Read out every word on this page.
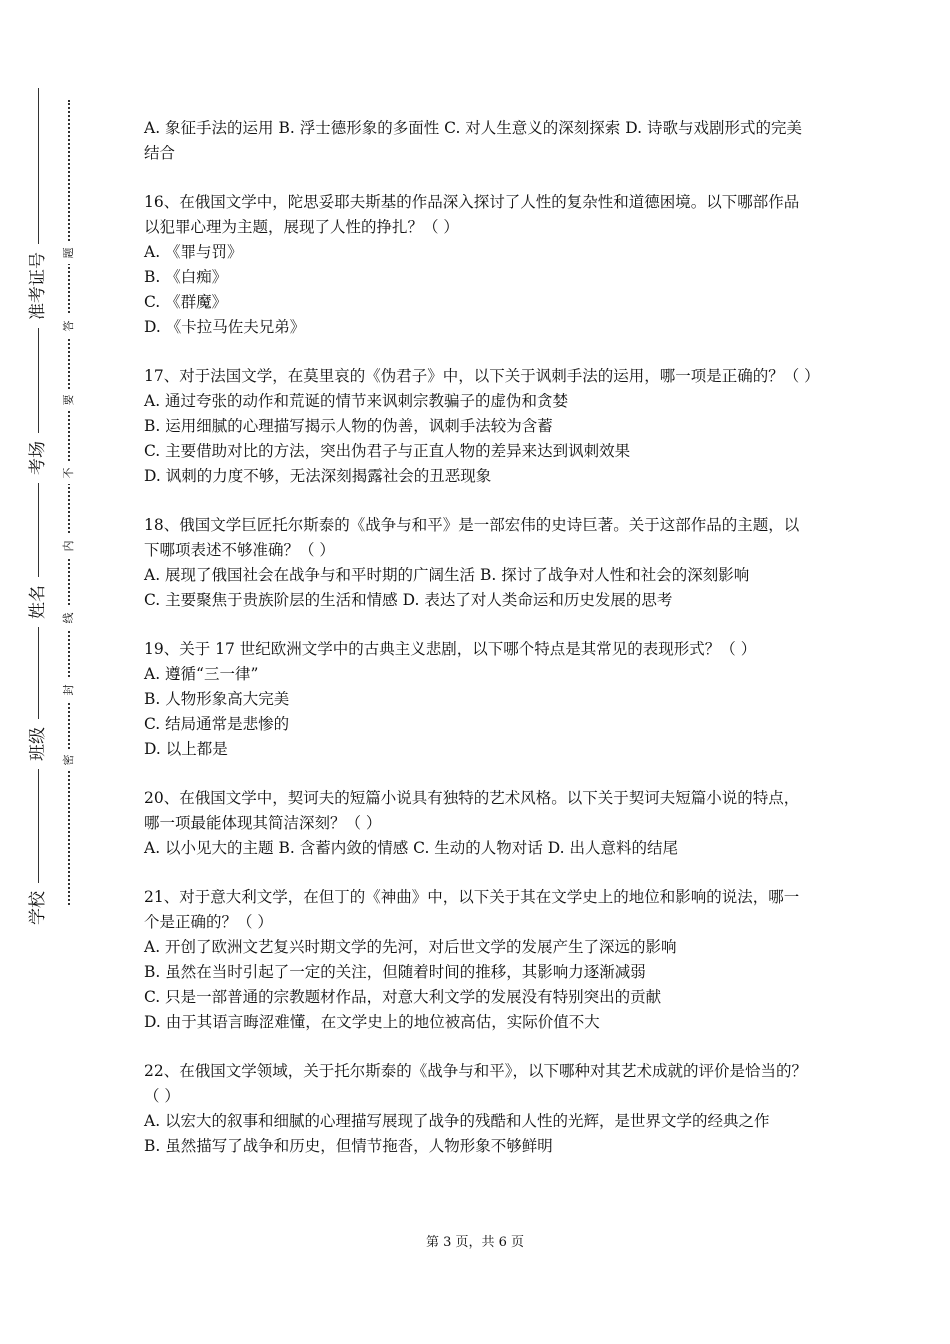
准考证号
考场
姓名
班级
学校
题
答
要
不
内
线
封
密

A. 象征手法的运用 B. 浮士德形象的多面性 C. 对人生意义的深刻探索 D. 诗歌与戏剧形式的完美结合

16、在俄国文学中，陀思妥耶夫斯基的作品深入探讨了人性的复杂性和道德困境。以下哪部作品以犯罪心理为主题，展现了人性的挣扎？（ ）

A. 《罪与罚》

B. 《白痴》

C. 《群魔》

D. 《卡拉马佐夫兄弟》

17、对于法国文学，在莫里哀的《伪君子》中，以下关于讽刺手法的运用，哪一项是正确的？（ ）

A. 通过夸张的动作和荒诞的情节来讽刺宗教骗子的虚伪和贪婪

B. 运用细腻的心理描写揭示人物的伪善，讽刺手法较为含蓄

C. 主要借助对比的方法，突出伪君子与正直人物的差异来达到讽刺效果

D. 讽刺的力度不够，无法深刻揭露社会的丑恶现象

18、俄国文学巨匠托尔斯泰的《战争与和平》是一部宏伟的史诗巨著。关于这部作品的主题，以下哪项表述不够准确？（ ）

A. 展现了俄国社会在战争与和平时期的广阔生活 B. 探讨了战争对人性和社会的深刻影响

C. 主要聚焦于贵族阶层的生活和情感 D. 表达了对人类命运和历史发展的思考

19、关于 17 世纪欧洲文学中的古典主义悲剧，以下哪个特点是其常见的表现形式？（ ）

A. 遵循“三一律”

B. 人物形象高大完美

C. 结局通常是悲惨的

D. 以上都是

20、在俄国文学中，契诃夫的短篇小说具有独特的艺术风格。以下关于契诃夫短篇小说的特点，哪一项最能体现其简洁深刻？（ ）

A. 以小见大的主题 B. 含蓄内敛的情感 C. 生动的人物对话 D. 出人意料的结尾

21、对于意大利文学，在但丁的《神曲》中，以下关于其在文学史上的地位和影响的说法，哪一个是正确的？（ ）

A. 开创了欧洲文艺复兴时期文学的先河，对后世文学的发展产生了深远的影响

B. 虽然在当时引起了一定的关注，但随着时间的推移，其影响力逐渐减弱

C. 只是一部普通的宗教题材作品，对意大利文学的发展没有特别突出的贡献

D. 由于其语言晦涩难懂，在文学史上的地位被高估，实际价值不大

22、在俄国文学领域，关于托尔斯泰的《战争与和平》，以下哪种对其艺术成就的评价是恰当的？（ ）

A. 以宏大的叙事和细腻的心理描写展现了战争的残酷和人性的光辉，是世界文学的经典之作

B. 虽然描写了战争和历史，但情节拖沓，人物形象不够鲜明

第 3 页，共 6 页
